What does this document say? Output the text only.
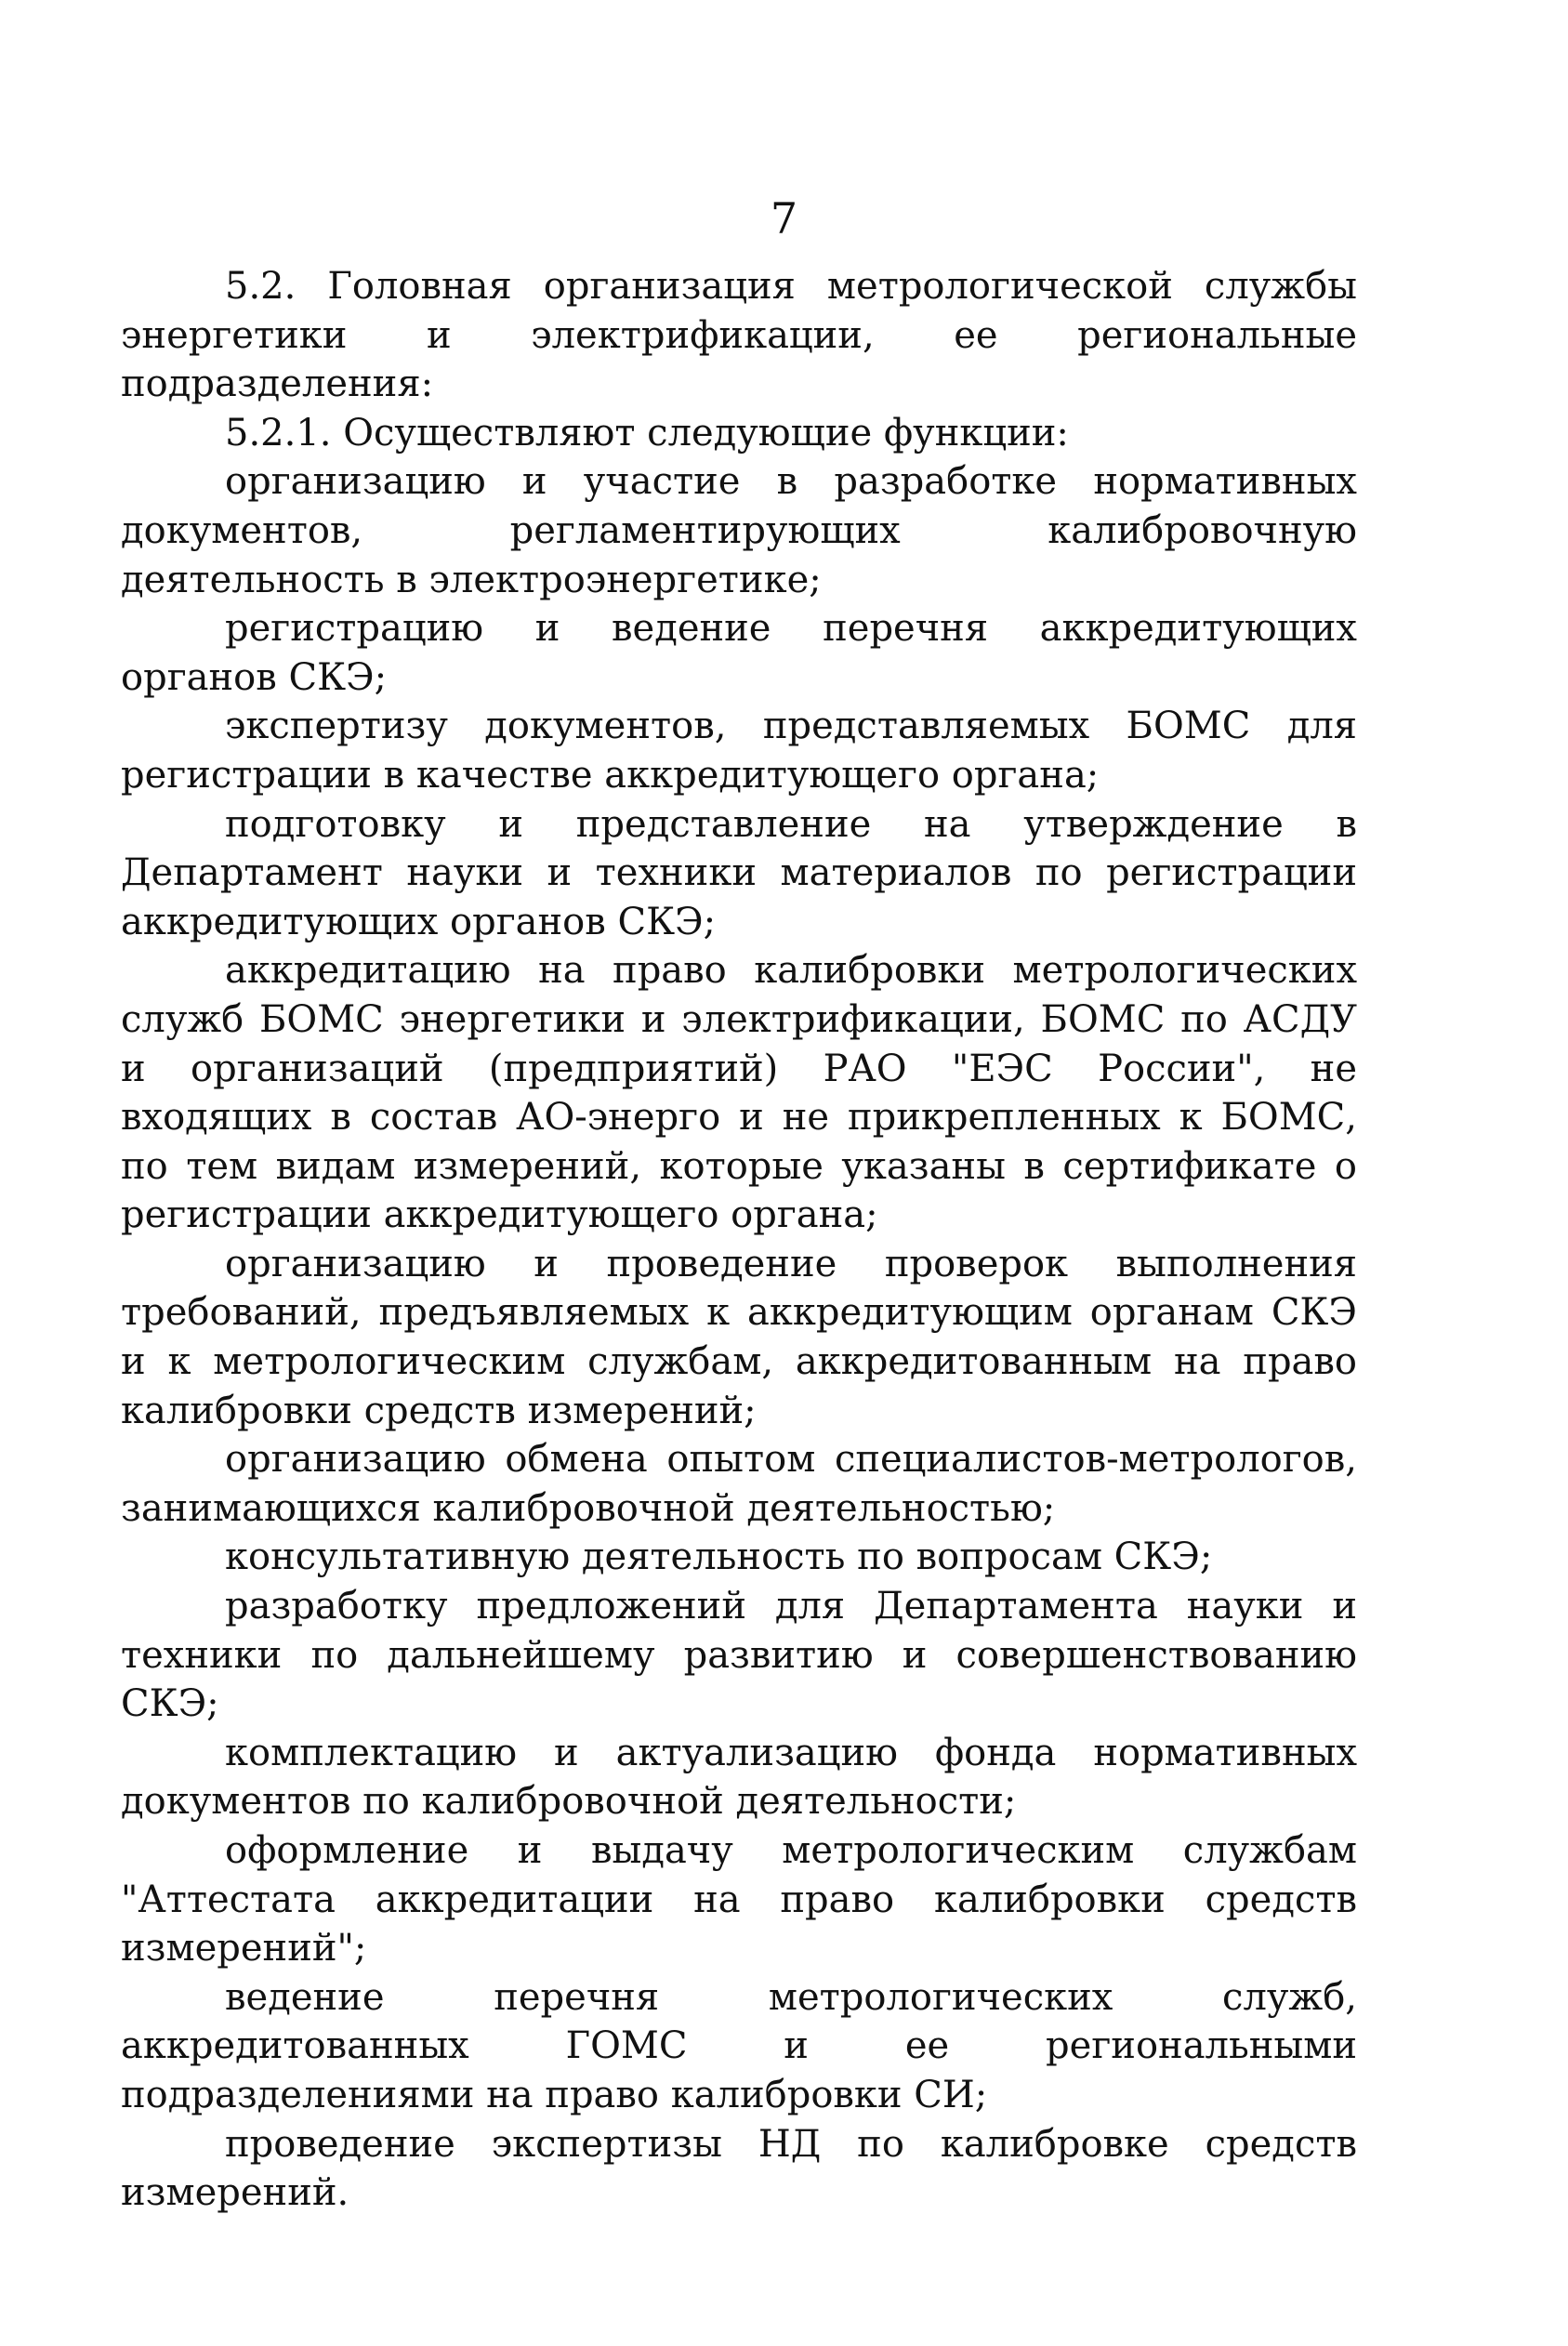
7

5.2. Головная организация метрологической службы энергетики и электрификации, ее региональные подразделения:

5.2.1. Осуществляют следующие функции:

организацию и участие в разработке нормативных документов, регламентирующих калибровочную деятельность в электроэнергетике;

регистрацию и ведение перечня аккредитующих органов СКЭ;

экспертизу документов, представляемых БОМС для регистрации в качестве аккредитующего органа;

подготовку и представление на утверждение в Департамент науки и техники материалов по регистрации аккредитующих органов СКЭ;

аккредитацию на право калибровки метрологических служб БОМС энергетики и электрификации, БОМС по АСДУ и организаций (предприятий) РАО "ЕЭС России", не входящих в состав АО-энерго и не прикрепленных к БОМС, по тем видам измерений, которые указаны в сертификате о регистрации аккредитующего органа;

организацию и проведение проверок выполнения требований, предъявляемых к аккредитующим органам СКЭ и к метрологическим службам, аккредитованным на право калибровки средств измерений;

организацию обмена опытом специалистов-метрологов, занимающихся калибровочной деятельностью;

консультативную деятельность по вопросам СКЭ;

разработку предложений для Департамента науки и техники по дальнейшему развитию и совершенствованию СКЭ;

комплектацию и актуализацию фонда нормативных документов по калибровочной деятельности;

оформление и выдачу метрологическим службам "Аттестата аккредитации на право калибровки средств измерений";

ведение перечня метрологических служб, аккредитованных ГОМС и ее региональными подразделениями на право калибровки СИ;

проведение экспертизы НД по калибровке средств измерений.
